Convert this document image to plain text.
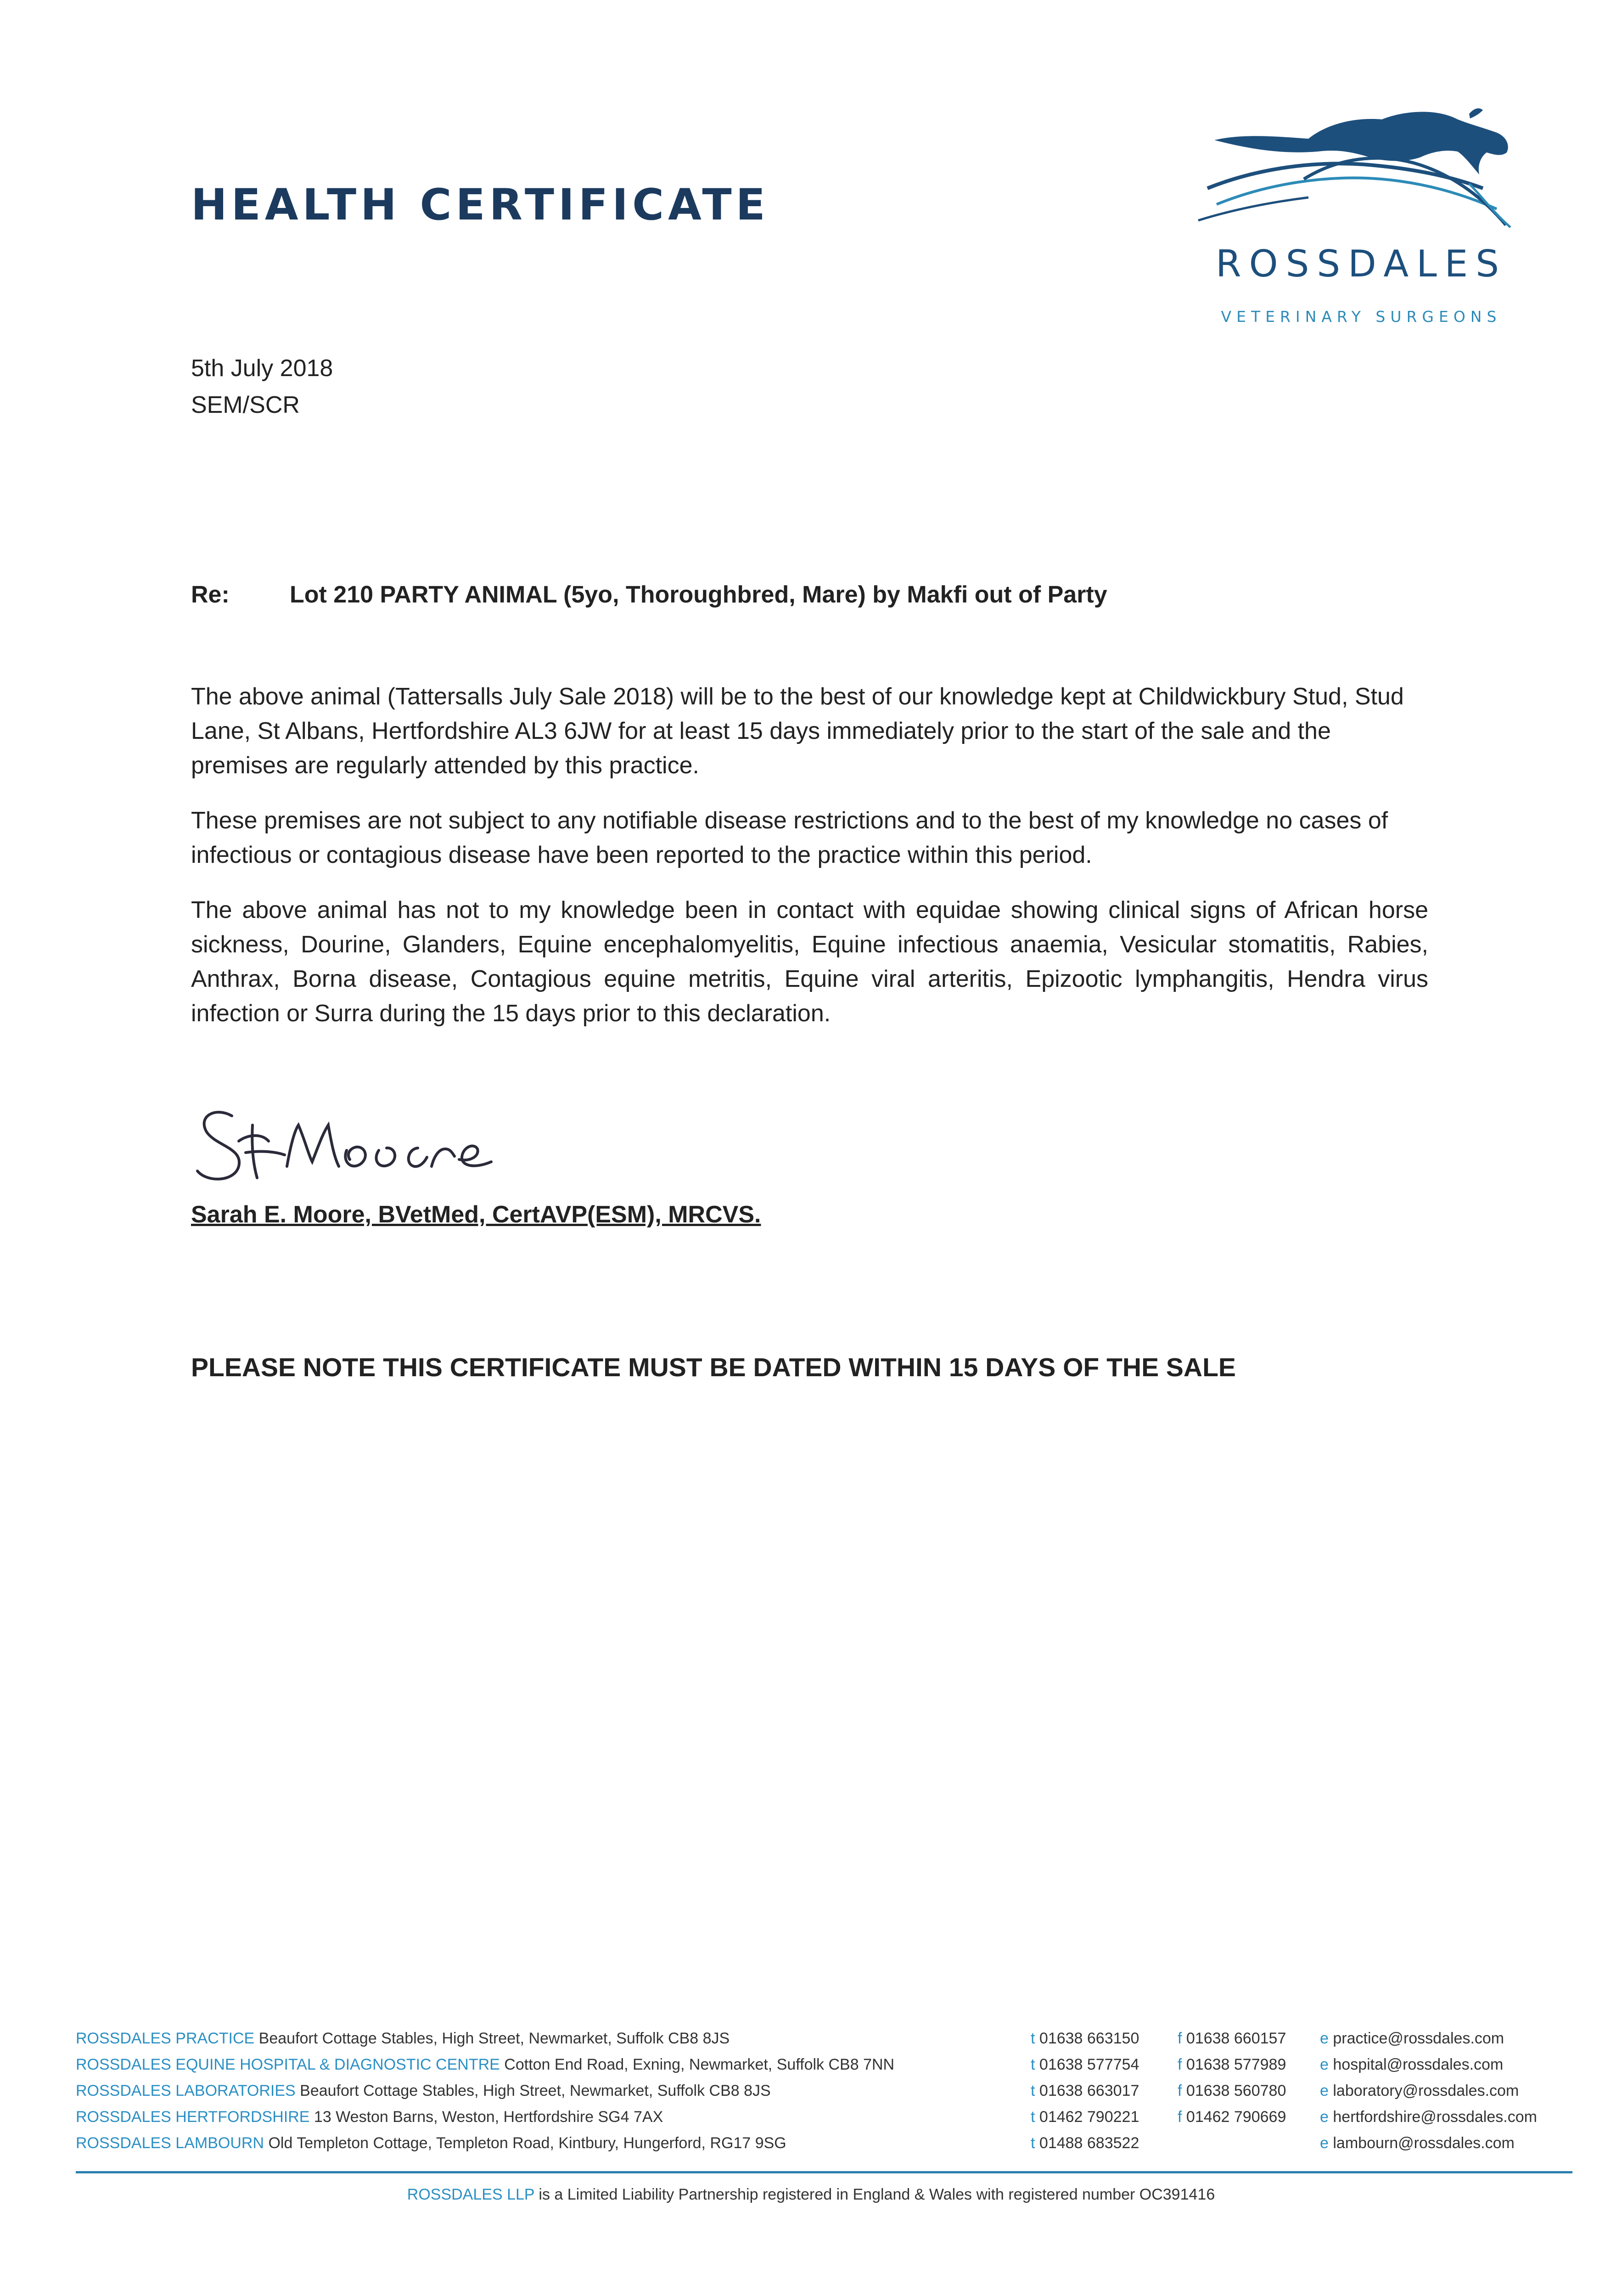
HEALTH CERTIFICATE
ROSSDALES
VETERINARY SURGEONS
5th July 2018
SEM/SCR
Re:	Lot 210 PARTY ANIMAL (5yo, Thoroughbred, Mare) by Makfi out of Party
The above animal (Tattersalls July Sale 2018) will be to the best of our knowledge kept at Childwickbury Stud, Stud Lane, St Albans, Hertfordshire AL3 6JW for at least 15 days immediately prior to the start of the sale and the premises are regularly attended by this practice.
These premises are not subject to any notifiable disease restrictions and to the best of my knowledge no cases of infectious or contagious disease have been reported to the practice within this period.
The above animal has not to my knowledge been in contact with equidae showing clinical signs of African horse sickness, Dourine, Glanders, Equine encephalomyelitis, Equine infectious anaemia, Vesicular stomatitis, Rabies, Anthrax, Borna disease, Contagious equine metritis, Equine viral arteritis, Epizootic lymphangitis, Hendra virus infection or Surra during the 15 days prior to this declaration.
Sarah E. Moore, BVetMed, CertAVP(ESM), MRCVS.
PLEASE NOTE THIS CERTIFICATE MUST BE DATED WITHIN 15 DAYS OF THE SALE
ROSSDALES PRACTICE Beaufort Cottage Stables, High Street, Newmarket, Suffolk CB8 8JS	t 01638 663150 f 01638 660157 e practice@rossdales.com
ROSSDALES EQUINE HOSPITAL & DIAGNOSTIC CENTRE Cotton End Road, Exning, Newmarket, Suffolk CB8 7NN	t 01638 577754 f 01638 577989 e hospital@rossdales.com
ROSSDALES LABORATORIES Beaufort Cottage Stables, High Street, Newmarket, Suffolk CB8 8JS	t 01638 663017 f 01638 560780 e laboratory@rossdales.com
ROSSDALES HERTFORDSHIRE 13 Weston Barns, Weston, Hertfordshire SG4 7AX	t 01462 790221 f 01462 790669 e hertfordshire@rossdales.com
ROSSDALES LAMBOURN Old Templeton Cottage, Templeton Road, Kintbury, Hungerford, RG17 9SG	t 01488 683522	e lambourn@rossdales.com
ROSSDALES LLP is a Limited Liability Partnership registered in England & Wales with registered number OC391416
